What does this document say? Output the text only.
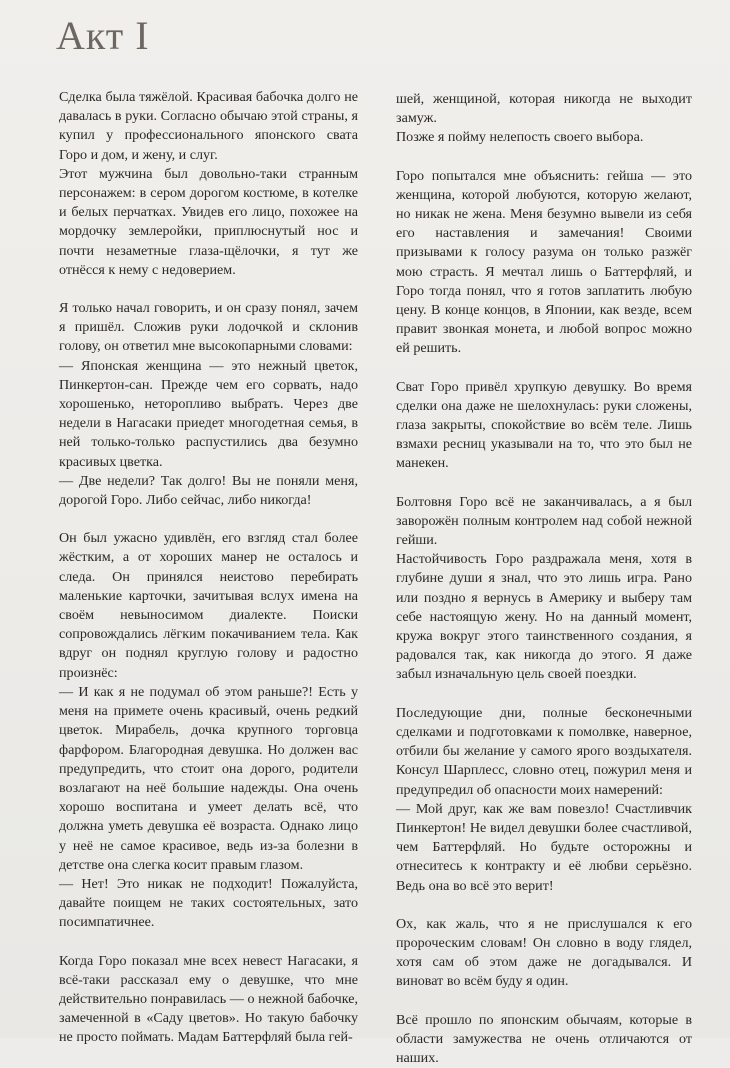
Акт I

Сделка была тяжёлой. Красивая бабочка долго не давалась в руки. Согласно обычаю этой страны, я купил у профессионального японского свата Горо и дом, и жену, и слуг.

Этот мужчина был довольно-таки странным персонажем: в сером дорогом костюме, в котелке и белых перчатках. Увидев его лицо, похожее на мордочку землеройки, приплюснутый нос и почти незаметные глаза-щёлочки, я тут же отнёсся к нему с недоверием.

Я только начал говорить, и он сразу понял, зачем я пришёл. Сложив руки лодочкой и склонив голову, он ответил мне высокопарными словами:

— Японская женщина — это нежный цветок, Пинкертон-сан. Прежде чем его сорвать, надо хорошенько, неторопливо выбрать. Через две недели в Нагасаки приедет многодетная семья, в ней только-только распустились два безумно красивых цветка.

— Две недели? Так долго! Вы не поняли меня, дорогой Горо. Либо сейчас, либо никогда!

Он был ужасно удивлён, его взгляд стал более жёстким, а от хороших манер не осталось и следа. Он принялся неистово перебирать маленькие карточки, зачитывая вслух имена на своём невыносимом диалекте. Поиски сопровождались лёгким покачиванием тела. Как вдруг он поднял круглую голову и радостно произнёс:

— И как я не подумал об этом раньше?! Есть у меня на примете очень красивый, очень редкий цветок. Мирабель, дочка крупного торговца фарфором. Благородная девушка. Но должен вас предупредить, что стоит она дорого, родители возлагают на неё большие надежды. Она очень хорошо воспитана и умеет делать всё, что должна уметь девушка её возраста. Однако лицо у неё не самое красивое, ведь из-за болезни в детстве она слегка косит правым глазом.

— Нет! Это никак не подходит! Пожалуйста, давайте поищем не таких состоятельных, зато посимпатичнее.

Когда Горо показал мне всех невест Нагасаки, я всё-таки рассказал ему о девушке, что мне действительно понравилась — о нежной бабочке, замеченной в «Саду цветов». Но такую бабочку не просто поймать. Мадам Баттерфляй была гей-

шей, женщиной, которая никогда не выходит замуж.

Позже я пойму нелепость своего выбора.

Горо попытался мне объяснить: гейша — это женщина, которой любуются, которую желают, но никак не жена. Меня безумно вывели из себя его наставления и замечания! Своими призывами к голосу разума он только разжёг мою страсть. Я мечтал лишь о Баттерфляй, и Горо тогда понял, что я готов заплатить любую цену. В конце концов, в Японии, как везде, всем правит звонкая монета, и любой вопрос можно ей решить.

Сват Горо привёл хрупкую девушку. Во время сделки она даже не шелохнулась: руки сложены, глаза закрыты, спокойствие во всём теле. Лишь взмахи ресниц указывали на то, что это был не манекен.

Болтовня Горо всё не заканчивалась, а я был заворожён полным контролем над собой нежной гейши.

Настойчивость Горо раздражала меня, хотя в глубине души я знал, что это лишь игра. Рано или поздно я вернусь в Америку и выберу там себе настоящую жену. Но на данный момент, кружа вокруг этого таинственного создания, я радовался так, как никогда до этого. Я даже забыл изначальную цель своей поездки.

Последующие дни, полные бесконечными сделками и подготовками к помолвке, наверное, отбили бы желание у самого ярого воздыхателя. Консул Шарплесс, словно отец, пожурил меня и предупредил об опасности моих намерений:

— Мой друг, как же вам повезло! Счастливчик Пинкертон! Не видел девушки более счастливой, чем Баттерфляй. Но будьте осторожны и отнеситесь к контракту и её любви серьёзно. Ведь она во всё это верит!

Ох, как жаль, что я не прислушался к его пророческим словам! Он словно в воду глядел, хотя сам об этом даже не догадывался. И виноват во всём буду я один.

Всё прошло по японским обычаям, которые в области замужества не очень отличаются от наших.
